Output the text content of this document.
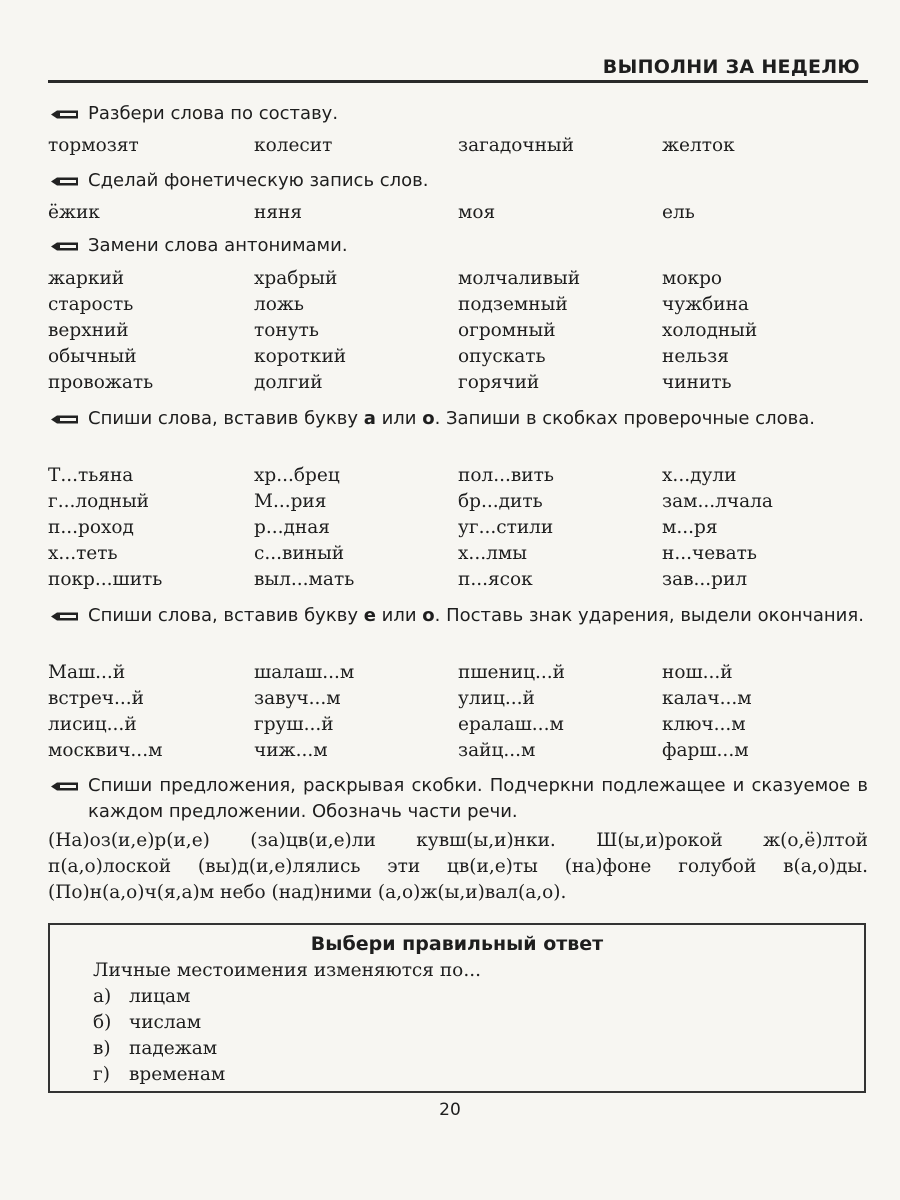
ВЫПОЛНИ ЗА НЕДЕЛЮ
Разбери слова по составу.
тормозят	колесит	загадочный	желток
Сделай фонетическую запись слов.
ёжик	няня	моя	ель
Замени слова антонимами.
жаркий	храбрый	молчаливый	мокро
старость	ложь	подземный	чужбина
верхний	тонуть	огромный	холодный
обычный	короткий	опускать	нельзя
провожать	долгий	горячий	чинить
Спиши слова, вставив букву а или о. Запиши в скобках проверочные слова.
Т...тьяна	хр...брец	пол...вить	х...дули
г...лодный	М...рия	бр...дить	зам...лчала
п...роход	р...дная	уг...стили	м...ря
х...теть	с...виный	х...лмы	н...чевать
покр...шить	выл...мать	п...ясок	зав...рил
Спиши слова, вставив букву е или о. Поставь знак ударения, выдели окончания.
Маш...й	шалаш...м	пшениц...й	нош...й
встреч...й	завуч...м	улиц...й	калач...м
лисиц...й	груш...й	ералаш...м	ключ...м
москвич...м	чиж...м	зайц...м	фарш...м
Спиши предложения, раскрывая скобки. Подчеркни подлежащее и сказуемое в каждом предложении. Обозначь части речи.
(На)оз(и,е)р(и,е) (за)цв(и,е)ли кувш(ы,и)нки. Ш(ы,и)рокой ж(о,ё)лтой
п(а,о)лоской (вы)д(и,е)лялись эти цв(и,е)ты (на)фоне голубой в(а,о)ды.
(По)н(а,о)ч(я,а)м небо (над)ними (а,о)ж(ы,и)вал(а,о).
Выбери правильный ответ
Личные местоимения изменяются по...
а) лицам
б) числам
в) падежам
г) временам
20
